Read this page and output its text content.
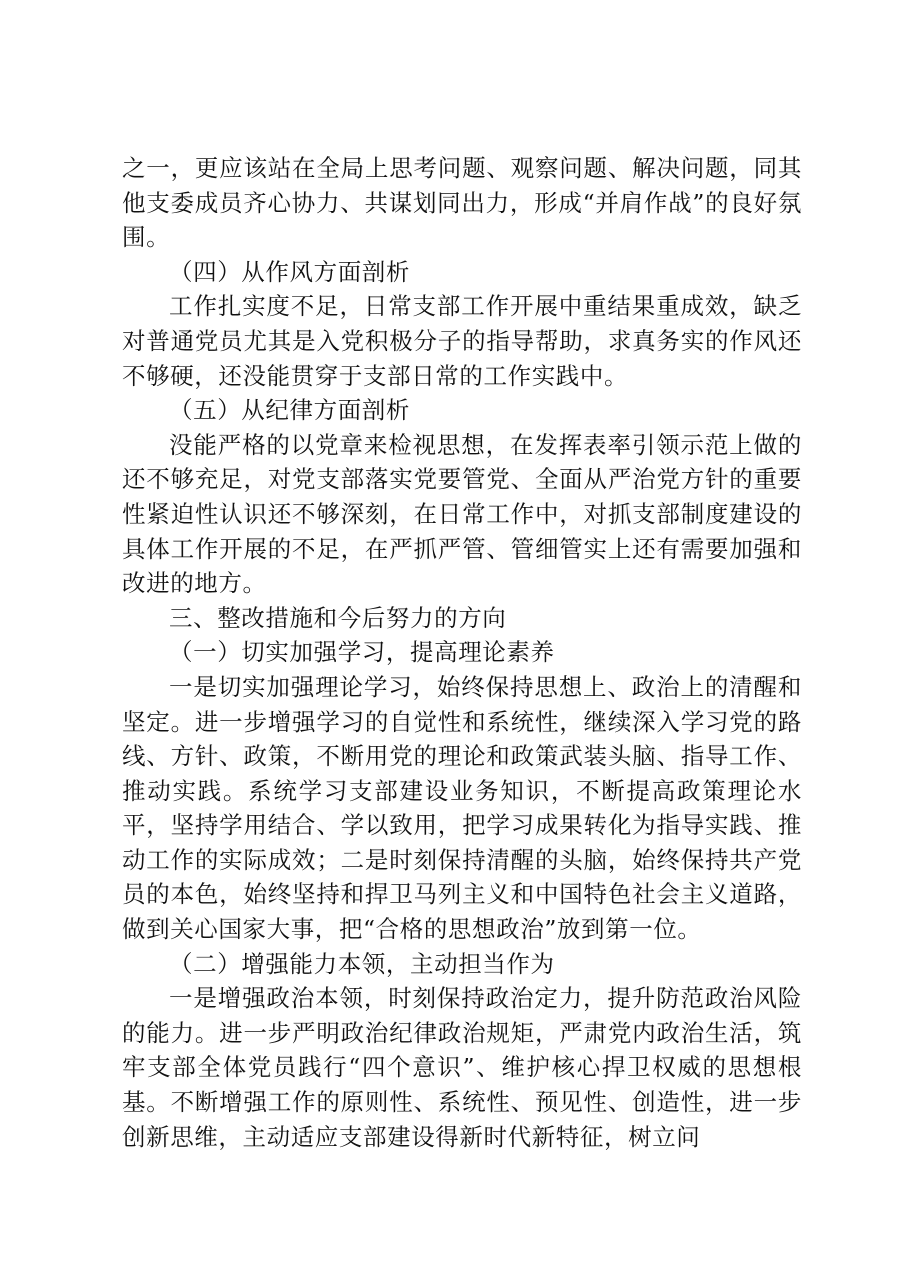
之一，更应该站在全局上思考问题、观察问题、解决问题，同其他支委成员齐心协力、共谋划同出力，形成“并肩作战”的良好氛围。

（四）从作风方面剖析

工作扎实度不足，日常支部工作开展中重结果重成效，缺乏对普通党员尤其是入党积极分子的指导帮助，求真务实的作风还不够硬，还没能贯穿于支部日常的工作实践中。

（五）从纪律方面剖析

没能严格的以党章来检视思想，在发挥表率引领示范上做的还不够充足，对党支部落实党要管党、全面从严治党方针的重要性紧迫性认识还不够深刻，在日常工作中，对抓支部制度建设的具体工作开展的不足，在严抓严管、管细管实上还有需要加强和改进的地方。

三、整改措施和今后努力的方向

（一）切实加强学习，提高理论素养

一是切实加强理论学习，始终保持思想上、政治上的清醒和坚定。进一步增强学习的自觉性和系统性，继续深入学习党的路线、方针、政策，不断用党的理论和政策武装头脑、指导工作、推动实践。系统学习支部建设业务知识，不断提高政策理论水平，坚持学用结合、学以致用，把学习成果转化为指导实践、推动工作的实际成效；二是时刻保持清醒的头脑，始终保持共产党员的本色，始终坚持和捍卫马列主义和中国特色社会主义道路，做到关心国家大事，把“合格的思想政治”放到第一位。

（二）增强能力本领，主动担当作为

一是增强政治本领，时刻保持政治定力，提升防范政治风险的能力。进一步严明政治纪律政治规矩，严肃党内政治生活，筑牢支部全体党员践行“四个意识”、维护核心捍卫权威的思想根基。不断增强工作的原则性、系统性、预见性、创造性，进一步创新思维，主动适应支部建设得新时代新特征，树立问
